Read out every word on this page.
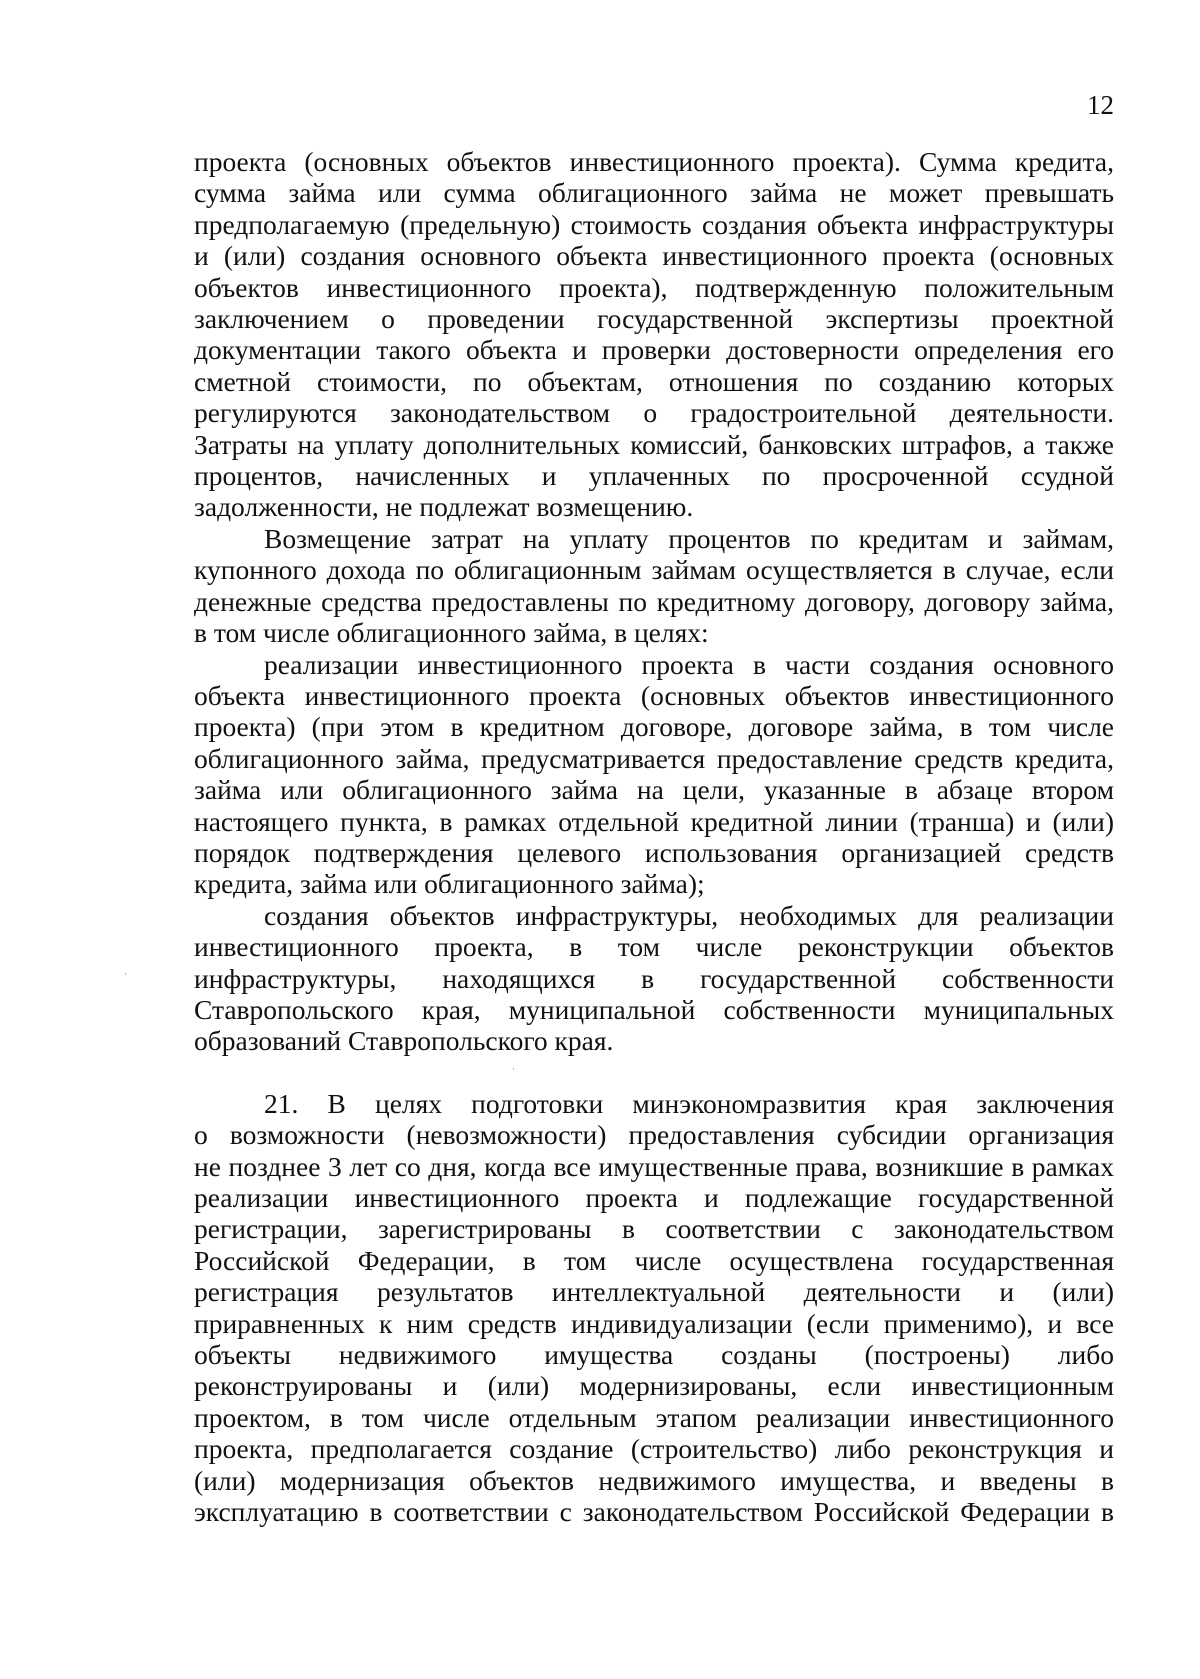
12
проекта (основных объектов инвестиционного проекта). Сумма кредита,
сумма займа или сумма облигационного займа не может превышать
предполагаемую (предельную) стоимость создания объекта инфраструктуры
и (или) создания основного объекта инвестиционного проекта (основных
объектов инвестиционного проекта), подтвержденную положительным
заключением о проведении государственной экспертизы проектной
документации такого объекта и проверки достоверности определения его
сметной стоимости, по объектам, отношения по созданию которых
регулируются законодательством о градостроительной деятельности.
Затраты на уплату дополнительных комиссий, банковских штрафов, а также
процентов, начисленных и уплаченных по просроченной ссудной
задолженности, не подлежат возмещению.
Возмещение затрат на уплату процентов по кредитам и займам,
купонного дохода по облигационным займам осуществляется в случае, если
денежные средства предоставлены по кредитному договору, договору займа,
в том числе облигационного займа, в целях:
реализации инвестиционного проекта в части создания основного
объекта инвестиционного проекта (основных объектов инвестиционного
проекта) (при этом в кредитном договоре, договоре займа, в том числе
облигационного займа, предусматривается предоставление средств кредита,
займа или облигационного займа на цели, указанные в абзаце втором
настоящего пункта, в рамках отдельной кредитной линии (транша) и (или)
порядок подтверждения целевого использования организацией средств
кредита, займа или облигационного займа);
создания объектов инфраструктуры, необходимых для реализации
инвестиционного проекта, в том числе реконструкции объектов
инфраструктуры, находящихся в государственной собственности
Ставропольского края, муниципальной собственности муниципальных
образований Ставропольского края.
21. В целях подготовки минэкономразвития края заключения
о возможности (невозможности) предоставления субсидии организация
не позднее 3 лет со дня, когда все имущественные права, возникшие в рамках
реализации инвестиционного проекта и подлежащие государственной
регистрации, зарегистрированы в соответствии с законодательством
Российской Федерации, в том числе осуществлена государственная
регистрация результатов интеллектуальной деятельности и (или)
приравненных к ним средств индивидуализации (если применимо), и все
объекты недвижимого имущества созданы (построены) либо
реконструированы и (или) модернизированы, если инвестиционным
проектом, в том числе отдельным этапом реализации инвестиционного
проекта, предполагается создание (строительство) либо реконструкция и
(или) модернизация объектов недвижимого имущества, и введены в
эксплуатацию в соответствии с законодательством Российской Федерации в
